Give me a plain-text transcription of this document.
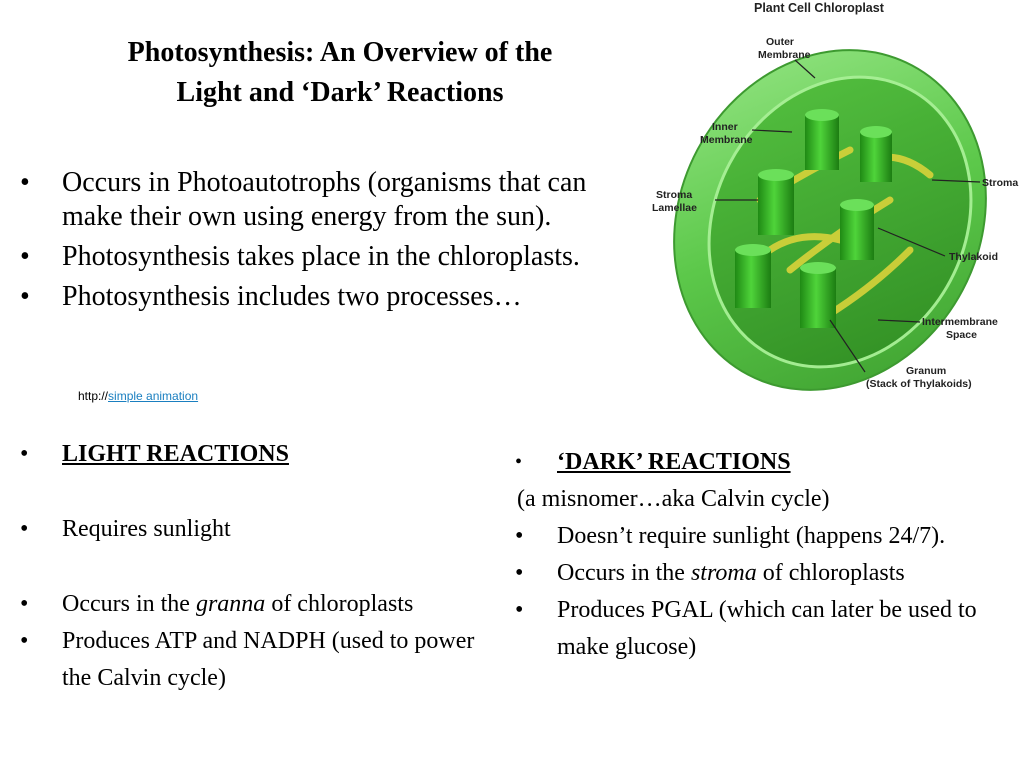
Photosynthesis: An Overview of the
Light and ‘Dark’ Reactions
• Occurs in Photoautotrophs (organisms that can make their own using energy from the sun).
• Photosynthesis takes place in the chloroplasts.
• Photosynthesis includes two processes…
http://simple animation
• LIGHT REACTIONS
• Requires sunlight
• Occurs in the granna of chloroplasts
• Produces ATP and NADPH (used to power the Calvin cycle)
• ‘DARK’ REACTIONS
(a misnomer…aka Calvin cycle)
• Doesn’t require sunlight (happens 24/7).
• Occurs in the stroma of chloroplasts
• Produces PGAL (which can later be used to make glucose)
Plant Cell Chloroplast
Outer
Membrane
Inner
Membrane
Stroma
Lamellae
Stroma
Thylakoid
Intermembrane
Space
Granum
(Stack of Thylakoids)
